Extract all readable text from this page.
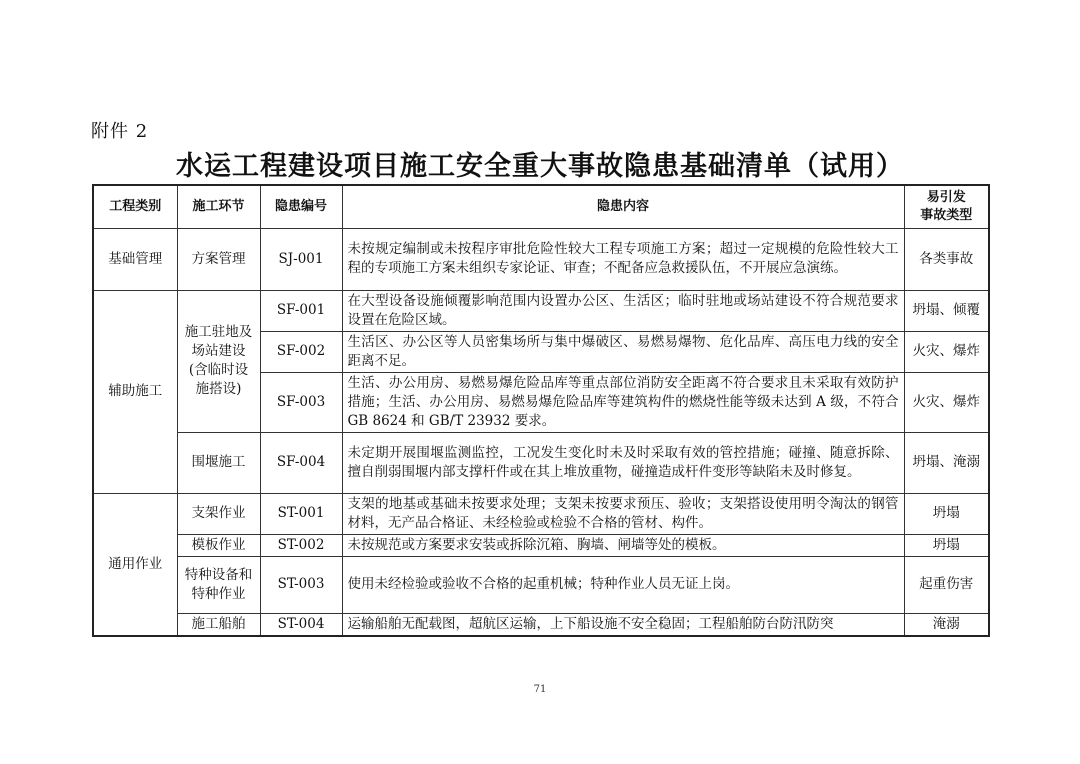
附件 2
水运工程建设项目施工安全重大事故隐患基础清单（试用）
工程类别	施工环节	隐患编号	隐患内容	易引发
事故类型
基础管理	方案管理	SJ-001	未按规定编制或未按程序审批危险性较大工程专项施工方案；超过一定规模的危险性较大工程的专项施工方案未组织专家论证、审查；不配备应急救援队伍，不开展应急演练。	各类事故
辅助施工	施工驻地及场站建设(含临时设施搭设)	SF-001	在大型设备设施倾覆影响范围内设置办公区、生活区；临时驻地或场站建设不符合规范要求设置在危险区域。	坍塌、倾覆
		SF-002	生活区、办公区等人员密集场所与集中爆破区、易燃易爆物、危化品库、高压电力线的安全距离不足。	火灾、爆炸
		SF-003	生活、办公用房、易燃易爆危险品库等重点部位消防安全距离不符合要求且未采取有效防护措施；生活、办公用房、易燃易爆危险品库等建筑构件的燃烧性能等级未达到 A 级，不符合 GB 8624 和 GB/T 23932 要求。	火灾、爆炸
	围堰施工	SF-004	未定期开展围堰监测监控，工况发生变化时未及时采取有效的管控措施；碰撞、随意拆除、擅自削弱围堰内部支撑杆件或在其上堆放重物，碰撞造成杆件变形等缺陷未及时修复。	坍塌、淹溺
通用作业	支架作业	ST-001	支架的地基或基础未按要求处理；支架未按要求预压、验收；支架搭设使用明令淘汰的钢管材料，无产品合格证、未经检验或检验不合格的管材、构件。	坍塌
	模板作业	ST-002	未按规范或方案要求安装或拆除沉箱、胸墙、闸墙等处的模板。	坍塌
	特种设备和特种作业	ST-003	使用未经检验或验收不合格的起重机械；特种作业人员无证上岗。	起重伤害
	施工船舶	ST-004	运输船舶无配载图，超航区运输，上下船设施不安全稳固；工程船舶防台防汛防突	淹溺
71
